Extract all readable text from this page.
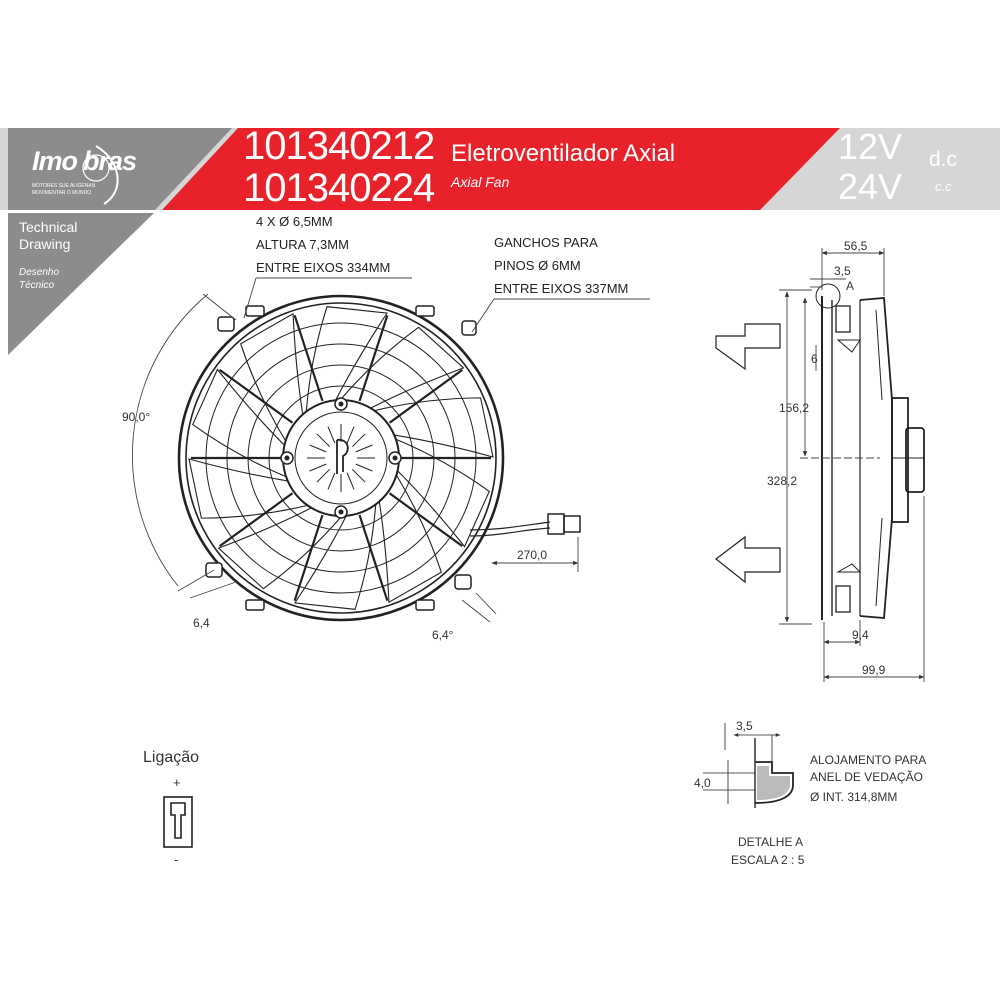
Imo bras
MOTORES SUE ALIGENAN
MOVIMENTAR O MUNDO
101340212
101340224
Eletroventilador Axial
Axial Fan
12V
24V
d.c
c.c
Technical
Drawing
Desenho
Técnico
4 X Ø 6,5MM
ALTURA 7,3MM
ENTRE EIXOS 334MM
GANCHOS PARA
PINOS Ø 6MM
ENTRE EIXOS 337MM
90,0°
270,0
6,4
6,4°
56,5
3,5
A
6
156,2
328,2
9,4
99,9
Ligação
+
-
3,5
4,0
ALOJAMENTO PARA
ANEL DE VEDAÇÃO
Ø INT. 314,8MM
DETALHE A
ESCALA 2 : 5
